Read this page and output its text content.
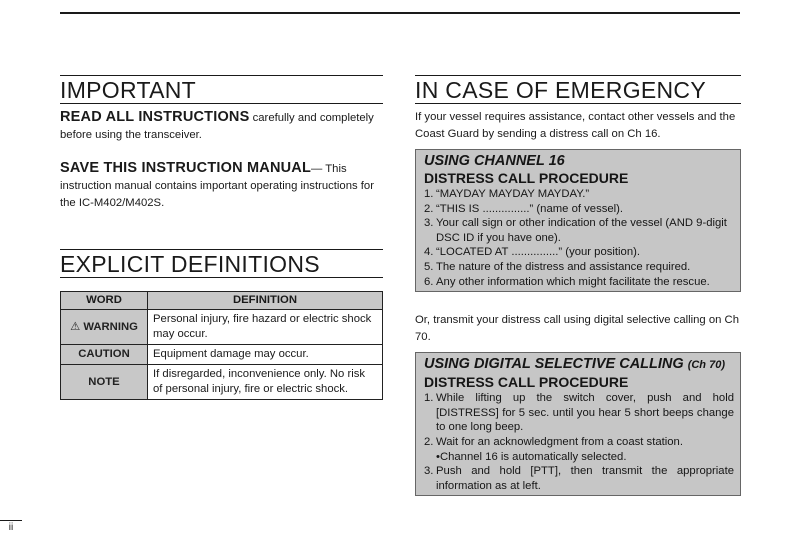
IMPORTANT
READ ALL INSTRUCTIONS carefully and completely before using the transceiver.
SAVE THIS INSTRUCTION MANUAL— This instruction manual contains important operating instructions for the IC-M402/M402S.
EXPLICIT DEFINITIONS
WORD	DEFINITION
⚠ WARNING	Personal injury, fire hazard or electric shock may occur.
CAUTION	Equipment damage may occur.
NOTE	If disregarded, inconvenience only. No risk of personal injury, fire or electric shock.
IN CASE OF EMERGENCY
If your vessel requires assistance, contact other vessels and the Coast Guard by sending a distress call on Ch 16.
USING CHANNEL 16
DISTRESS CALL PROCEDURE
1. “MAYDAY MAYDAY MAYDAY.”
2. “THIS IS ...............” (name of vessel).
3. Your call sign or other indication of the vessel (AND 9-digit DSC ID if you have one).
4. “LOCATED AT ...............” (your position).
5. The nature of the distress and assistance required.
6. Any other information which might facilitate the rescue.
Or, transmit your distress call using digital selective calling on Ch 70.
USING DIGITAL SELECTIVE CALLING (Ch 70)
DISTRESS CALL PROCEDURE
1. While lifting up the switch cover, push and hold [DISTRESS] for 5 sec. until you hear 5 short beeps change to one long beep.
2. Wait for an acknowledgment from a coast station.
•Channel 16 is automatically selected.
3. Push and hold [PTT], then transmit the appropriate information as at left.
ii
